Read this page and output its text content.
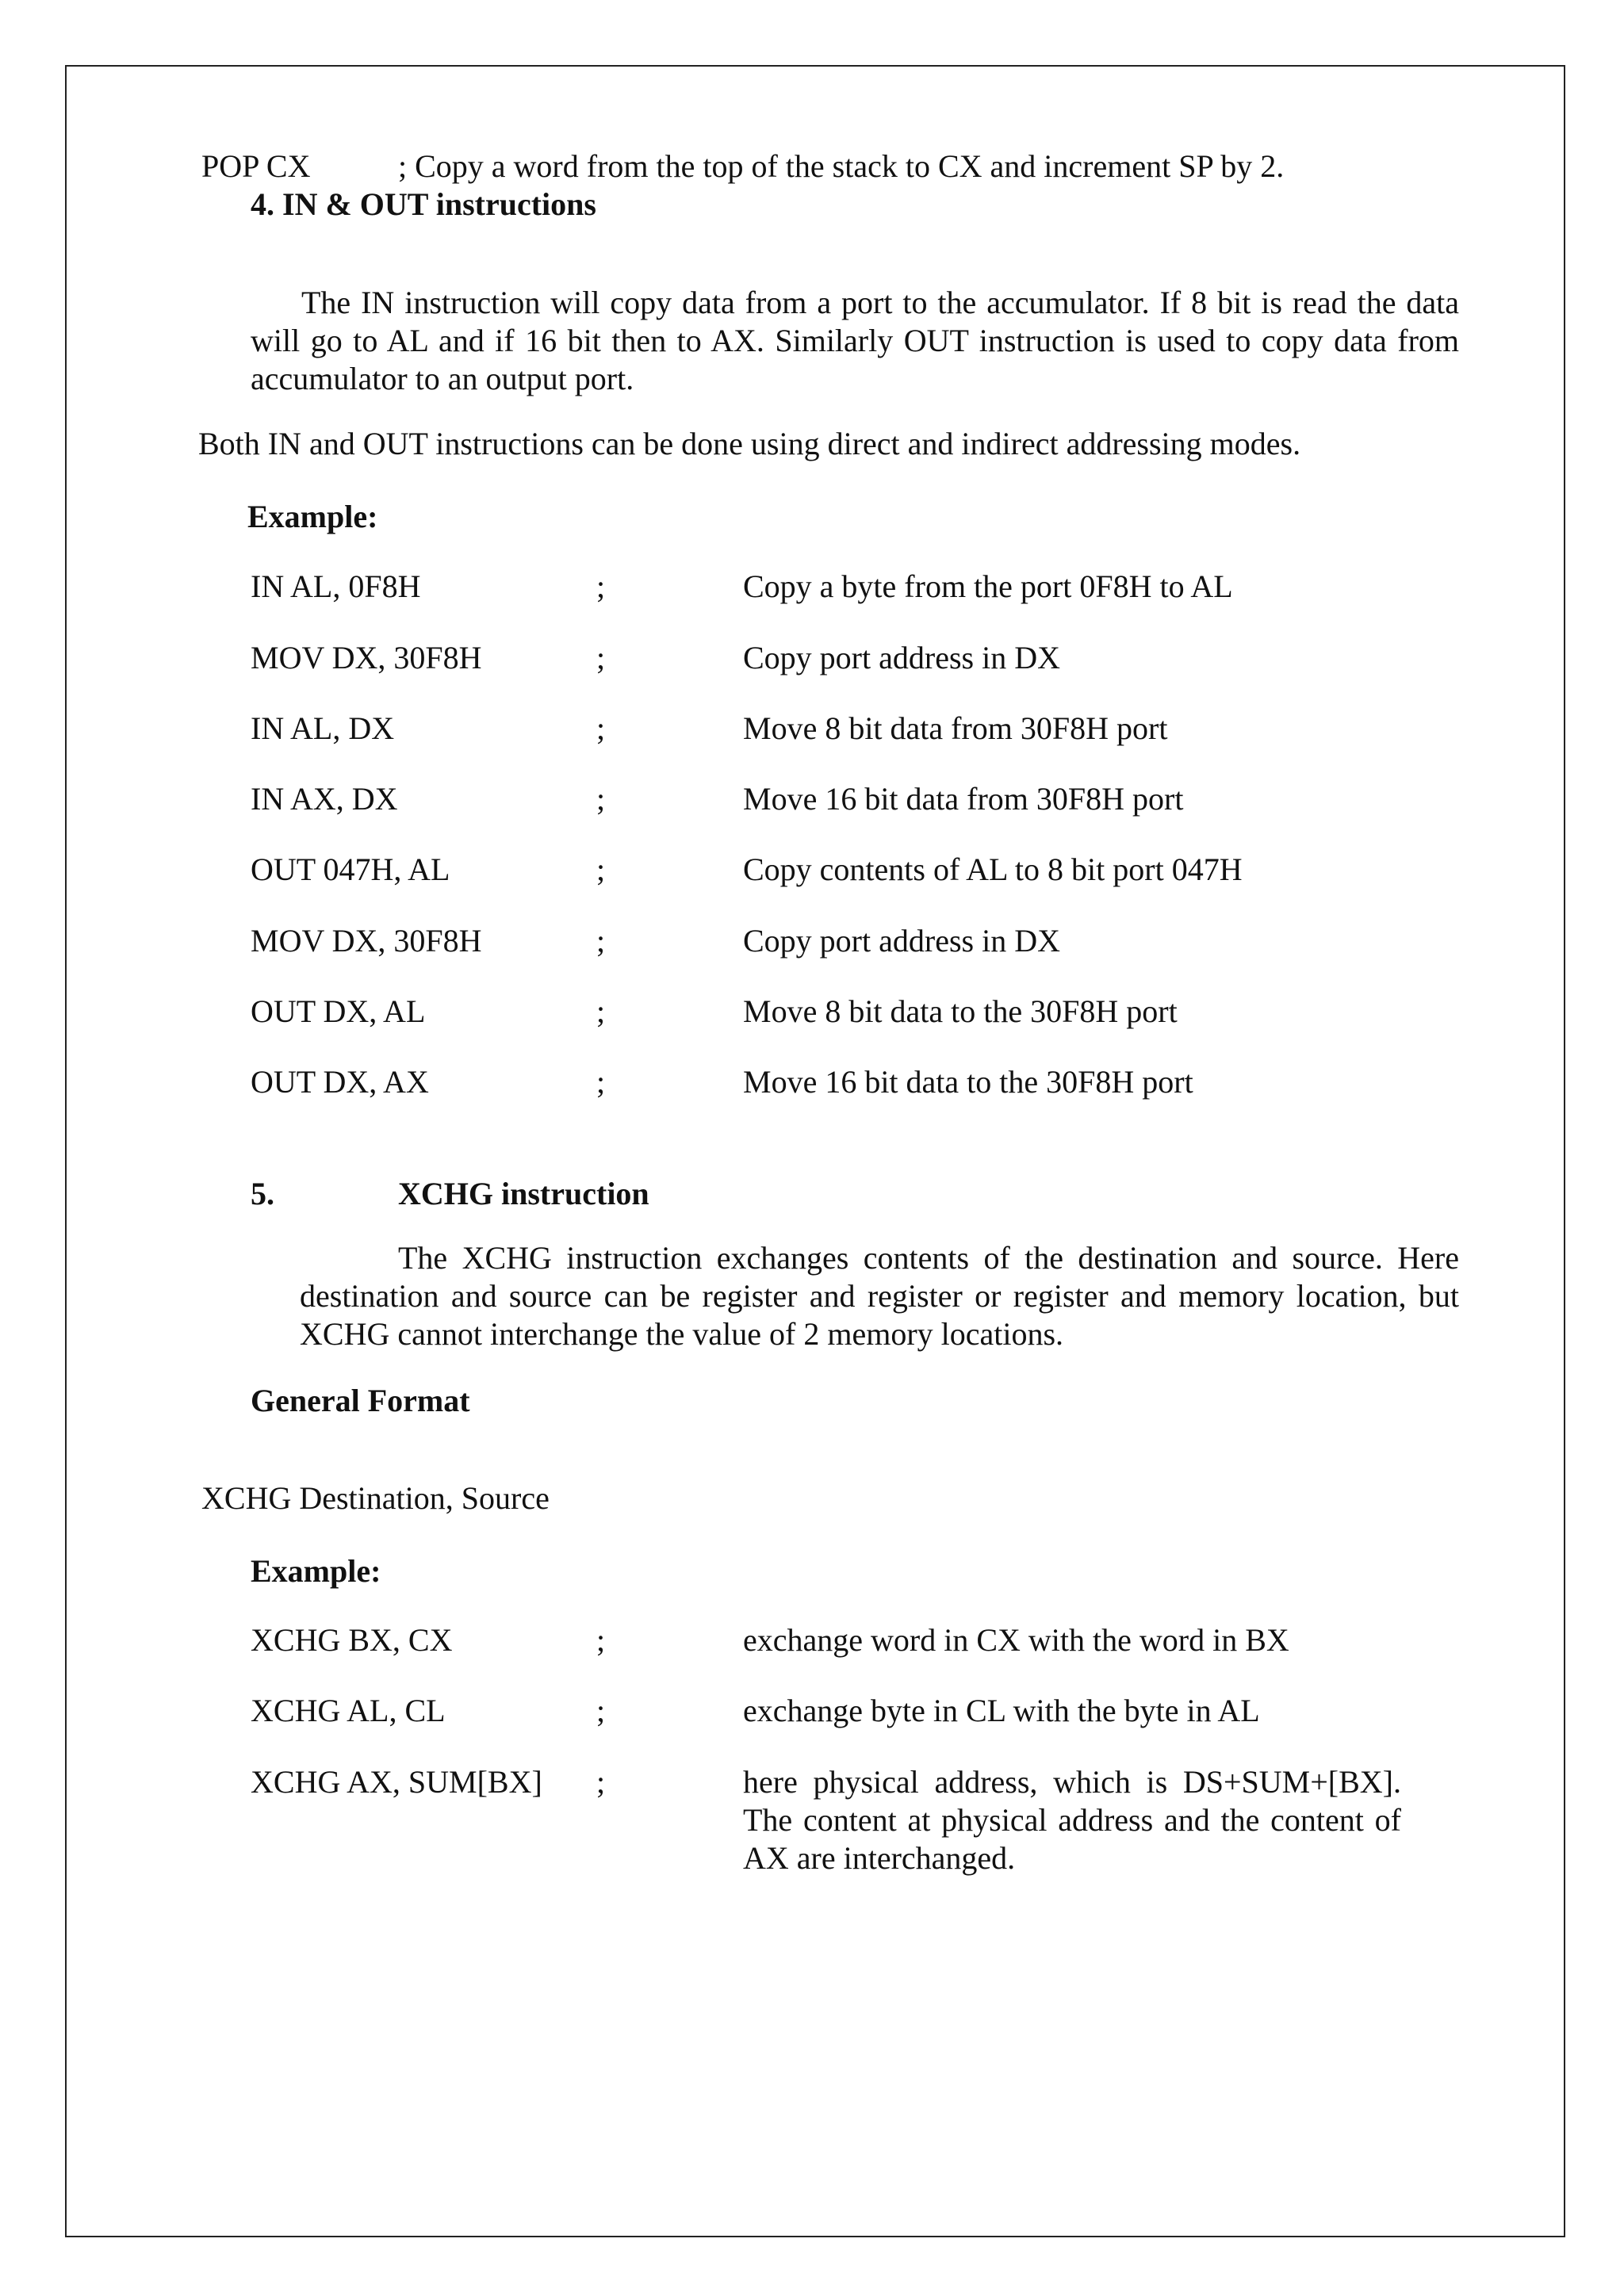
POP CX	; Copy a word from the top of the stack to CX and increment SP by 2.
4. IN & OUT instructions
The IN instruction will copy data from a port to the accumulator. If 8 bit is read the data will go to AL and if 16 bit then to AX. Similarly OUT instruction is used to copy data from accumulator to an output port.
Both IN and OUT instructions can be done using direct and indirect addressing modes.
Example:
IN AL, 0F8H	;	Copy a byte from the port 0F8H to AL
MOV DX, 30F8H	;	Copy port address in DX
IN AL, DX	;	Move 8 bit data from 30F8H port
IN AX, DX	;	Move 16 bit data from 30F8H port
OUT 047H, AL	;	Copy contents of AL to 8 bit port 047H
MOV DX, 30F8H	;	Copy port address in DX
OUT DX, AL	;	Move 8 bit data to the 30F8H port
OUT DX, AX	;	Move 16 bit data to the 30F8H port
5.	XCHG instruction
The XCHG instruction exchanges contents of the destination and source. Here destination and source can be register and register or register and memory location, but XCHG cannot interchange the value of 2 memory locations.
General Format
XCHG Destination, Source
Example:
XCHG BX, CX	;	exchange word in CX with the word in BX
XCHG AL, CL	;	exchange byte in CL with the byte in AL
XCHG AX, SUM[BX] ;	here physical address, which is DS+SUM+[BX]. The content at physical address and the content of AX are interchanged.
